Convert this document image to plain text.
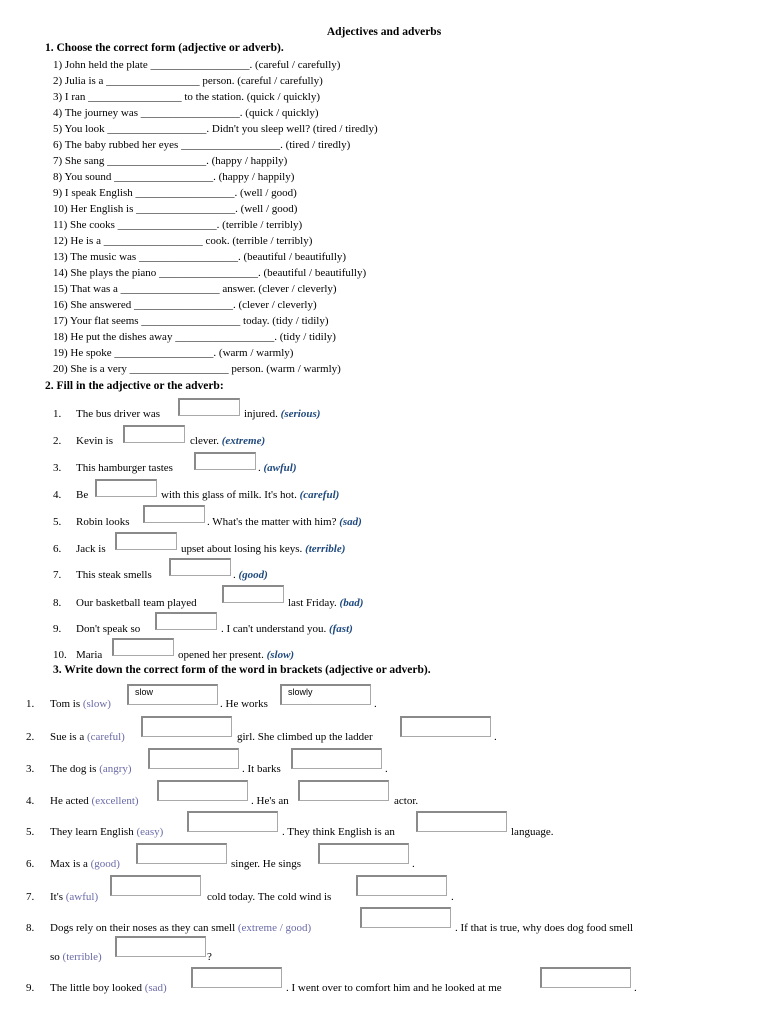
Adjectives and adverbs
1. Choose the correct form (adjective or adverb).
1) John held the plate __________________. (careful / carefully)
2) Julia is a _________________ person. (careful / carefully)
3) I ran _________________ to the station. (quick / quickly)
4) The journey was __________________. (quick / quickly)
5) You look __________________. Didn't you sleep well? (tired / tiredly)
6) The baby rubbed her eyes __________________. (tired / tiredly)
7) She sang __________________. (happy / happily)
8) You sound __________________. (happy / happily)
9) I speak English __________________. (well / good)
10) Her English is __________________. (well / good)
11) She cooks __________________. (terrible / terribly)
12) He is a __________________ cook. (terrible / terribly)
13) The music was __________________. (beautiful / beautifully)
14) She plays the piano __________________. (beautiful / beautifully)
15) That was a __________________ answer. (clever / cleverly)
16) She answered __________________. (clever / cleverly)
17) Your flat seems __________________ today. (tidy / tidily)
18) He put the dishes away __________________. (tidy / tidily)
19) He spoke __________________. (warm / warmly)
20) She is a very __________________ person. (warm / warmly)
2. Fill in the adjective or the adverb:
1. The bus driver was	injured. (serious)
2. Kevin is	clever. (extreme)
3. This hamburger tastes	. (awful)
4. Be	with this glass of milk. It's hot. (careful)
5. Robin looks	. What's the matter with him? (sad)
6. Jack is	upset about losing his keys. (terrible)
7. This steak smells	. (good)
8. Our basketball team played	last Friday. (bad)
9. Don't speak so	. I can't understand you. (fast)
10. Maria	opened her present. (slow)
3. Write down the correct form of the word in brackets (adjective or adverb).
1. Tom is (slow)
slow
. He works
slowly
.
2. Sue is a (careful)	girl. She climbed up the ladder	.
3. The dog is (angry)	. It barks	.
4. He acted (excellent)	. He's an	actor.
5. They learn English (easy)	. They think English is an	language.
6. Max is a (good)	singer. He sings	.
7. It's (awful)	cold today. The cold wind is	.
8. Dogs rely on their noses as they can smell (extreme / good)	. If that is true, why does dog food smell
so (terrible)	?
9. The little boy looked (sad)	. I went over to comfort him and he looked at me	.
